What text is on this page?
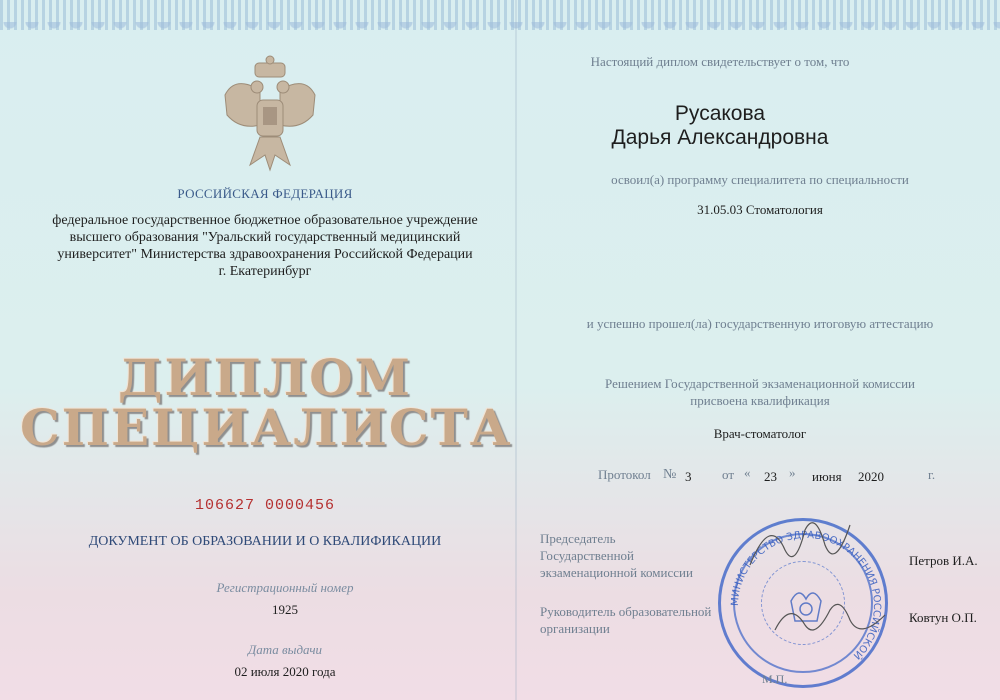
РОССИЙСКАЯ ФЕДЕРАЦИЯ
федеральное государственное бюджетное образовательное учреждение
высшего образования "Уральский государственный медицинский
университет" Министерства здравоохранения Российской Федерации
г. Екатеринбург
ДИПЛОМ
СПЕЦИАЛИСТА
106627 0000456
ДОКУМЕНТ ОБ ОБРАЗОВАНИИ И О КВАЛИФИКАЦИИ
Регистрационный номер
1925
Дата выдачи
02 июля 2020 года
Настоящий диплом свидетельствует о том, что
Русакова
Дарья Александровна
освоил(а) программу специалитета по специальности
31.05.03 Стоматология
и успешно прошел(ла) государственную итоговую аттестацию
Решением Государственной экзаменационной комиссии
присвоена квалификация
Врач-стоматолог
Протокол № 3 от « 23 » июня 2020	г.
Председатель
Государственной
экзаменационной комиссии
Петров И.А.
Руководитель образовательной
организации
Ковтун О.П.
МИНИСТЕРСТВО ЗДРАВООХРАНЕНИЯ РОССИЙСКОЙ
М.П.
